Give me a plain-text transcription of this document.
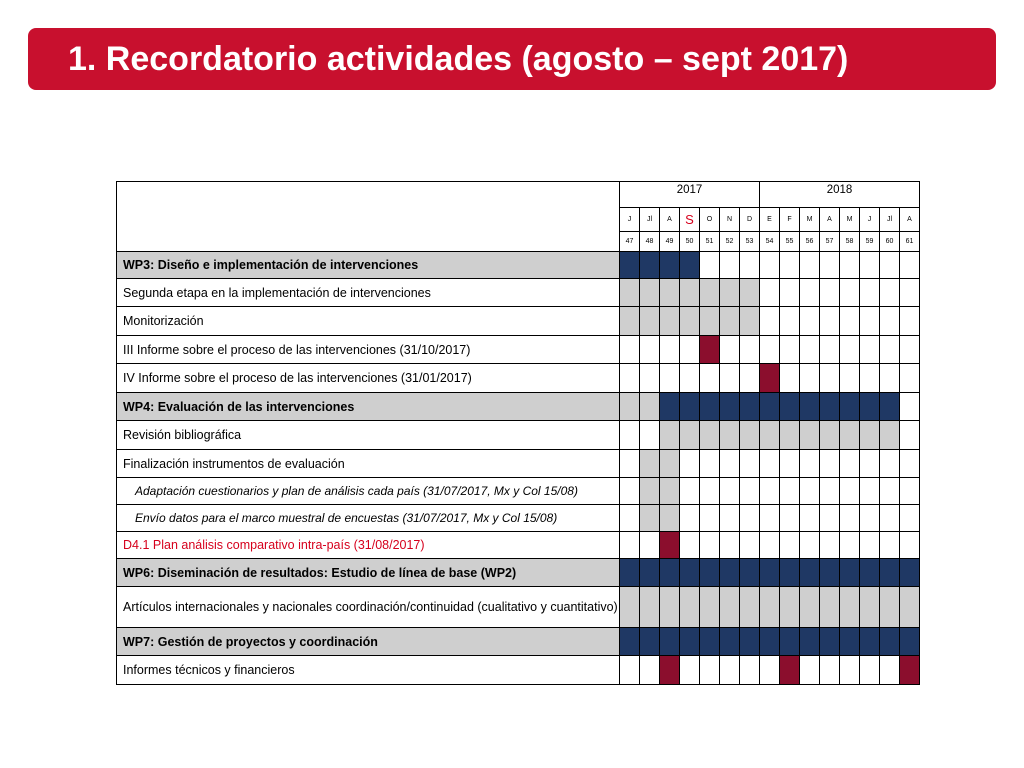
1. Recordatorio actividades (agosto – sept 2017)
	2017							2018							
	J	Jl	A	S	O	N	D	E	F	M	A	M	J	Jl	A
	47	48	49	50	51	52	53	54	55	56	57	58	59	60	61
WP3: Diseño e implementación de intervenciones															
Segunda etapa en la implementación de intervenciones															
Monitorización															
III Informe sobre el proceso de las intervenciones (31/10/2017)															
IV Informe sobre el proceso de las intervenciones (31/01/2017)															
WP4: Evaluación de las intervenciones															
Revisión bibliográfica															
Finalización instrumentos de evaluación															
Adaptación cuestionarios y plan de análisis cada país (31/07/2017, Mx y Col 15/08)															
Envío datos para el marco muestral de encuestas (31/07/2017, Mx y Col 15/08)															
D4.1 Plan análisis comparativo intra-país (31/08/2017)															
WP6: Diseminación de resultados: Estudio de línea de base (WP2)															
Artículos internacionales y nacionales coordinación/continuidad (cualitativo y cuantitativo)															
WP7: Gestión de proyectos y coordinación															
Informes técnicos y financieros															
